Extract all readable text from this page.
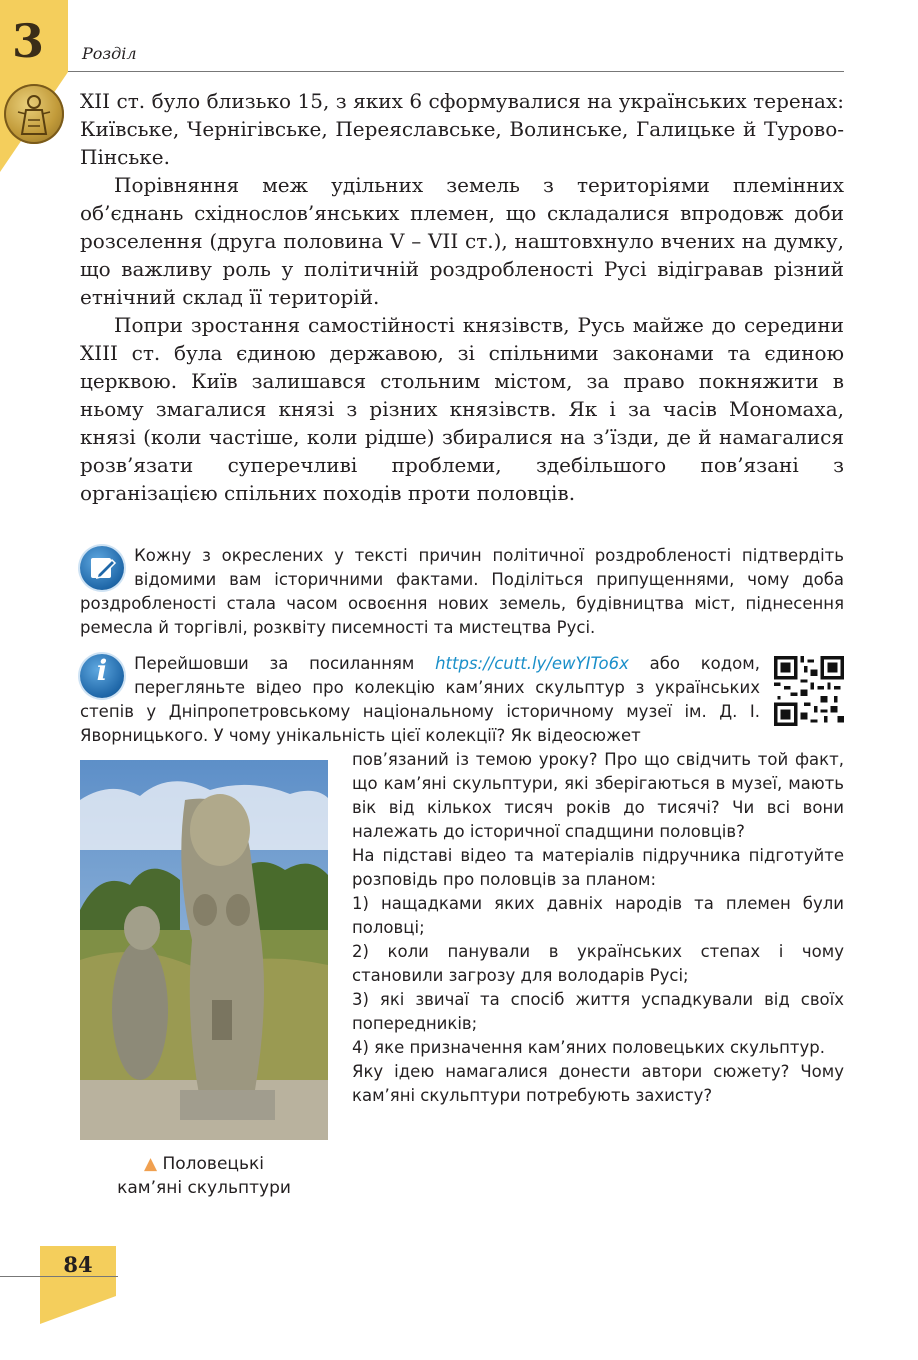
3	Розділ

XII ст. було близько 15, з яких 6 сформувалися на українських теренах: Київське, Чернігівське, Переяславське, Волинське, Галицьке й Турово-Пінське.

Порівняння меж удільних земель з територіями племінних об’єднань східнослов’янських племен, що складалися впродовж доби розселення (друга половина V – VII ст.), наштовхнуло вчених на думку, що важливу роль у політичній роздробленості Русі відігравав різний етнічний склад її територій.

Попри зростання самостійності князівств, Русь майже до середини XIII ст. була єдиною державою, зі спільними законами та єдиною церквою. Київ залишався стольним містом, за право покняжити в ньому змагалися князі з різних князівств. Як і за часів Мономаха, князі (коли частіше, коли рідше) збиралися на з’їзди, де й намагалися розв’язати суперечливі проблеми, здебільшого пов’язані з організацією спільних походів проти половців.

Кожну з окреслених у тексті причин політичної роздробленості підтвердіть відомими вам історичними фактами. Поділіться припущеннями, чому доба роздробленості стала часом освоєння нових земель, будівництва міст, піднесення ремесла й торгівлі, розквіту писемності та мистецтва Русі.
i	Перейшовши за посиланням https://cutt.ly/ewYITo6x або кодом, перегляньте відео про колекцію кам’яних скульптур з українських степів у Дніпропетровському національному історичному музеї ім. Д. І. Яворницького. У чому унікальність цієї колекції? Як відеосюжет
▲ Половецькі
кам’яні скульптури

пов’язаний із темою уроку? Про що свідчить той факт, що кам’яні скульптури, які зберігаються в музеї, мають вік від кількох тисяч років до тисячі? Чи всі вони належать до історичної спадщини половців?

На підставі відео та матеріалів підручника підготуйте розповідь про половців за планом:

1) нащадками яких давніх народів та племен були половці;

2) коли панували в українських степах і чому становили загрозу для володарів Русі;

3) які звичаї та спосіб життя успадкували від своїх попередників;

4) яке призначення кам’яних половецьких скульптур.

Яку ідею намагалися донести автори сюжету? Чому кам’яні скульптури потребують захисту?

84
